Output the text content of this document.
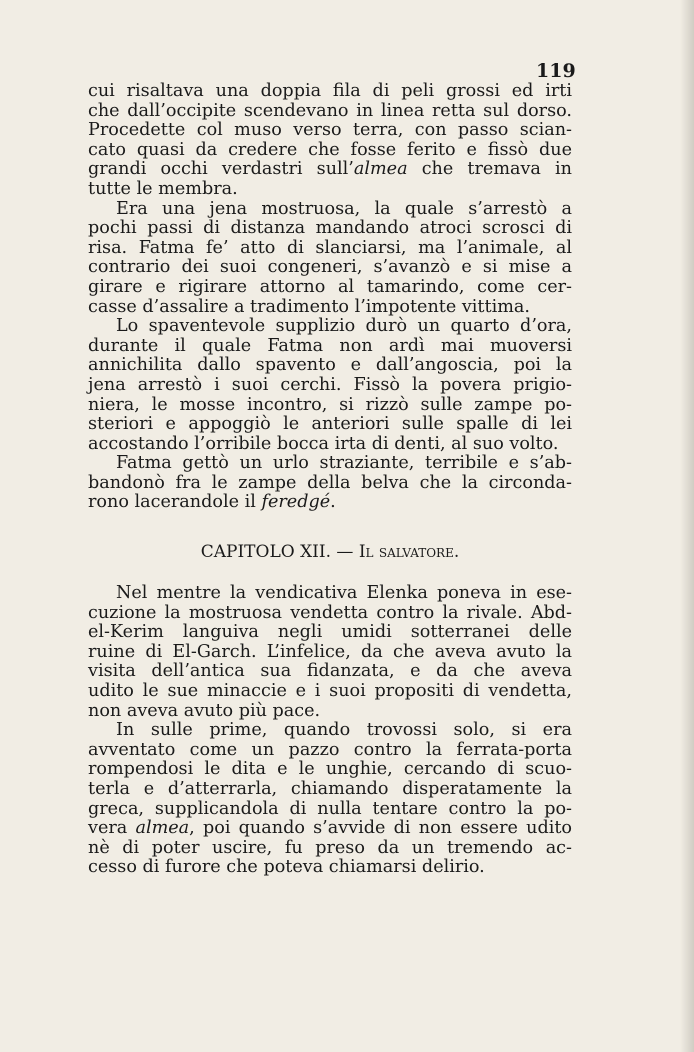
119
cui risaltava una doppia fila di peli grossi ed irti
che dall’occipite scendevano in linea retta sul dorso.
Procedette col muso verso terra, con passo scian-
cato quasi da credere che fosse ferito e fissò due
grandi occhi verdastri sull’almea che tremava in
tutte le membra.
Era una jena mostruosa, la quale s’arrestò a
pochi passi di distanza mandando atroci scrosci di
risa. Fatma fe’ atto di slanciarsi, ma l’animale, al
contrario dei suoi congeneri, s’avanzò e si mise a
girare e rigirare attorno al tamarindo, come cer-
casse d’assalire a tradimento l’impotente vittima.
Lo spaventevole supplizio durò un quarto d’ora,
durante il quale Fatma non ardì mai muoversi
annichilita dallo spavento e dall’angoscia, poi la
jena arrestò i suoi cerchi. Fissò la povera prigio-
niera, le mosse incontro, si rizzò sulle zampe po-
steriori e appoggiò le anteriori sulle spalle di lei
accostando l’orribile bocca irta di denti, al suo volto.
Fatma gettò un urlo straziante, terribile e s’ab-
bandonò fra le zampe della belva che la circonda-
rono lacerandole il feredgé.
CAPITOLO XII. — Il salvatore.
Nel mentre la vendicativa Elenka poneva in ese-
cuzione la mostruosa vendetta contro la rivale. Abd-
el-Kerim languiva negli umidi sotterranei delle
ruine di El-Garch. L’infelice, da che aveva avuto la
visita dell’antica sua fidanzata, e da che aveva
udito le sue minaccie e i suoi propositi di vendetta,
non aveva avuto più pace.
In sulle prime, quando trovossi solo, si era
avventato come un pazzo contro la ferrata-porta
rompendosi le dita e le unghie, cercando di scuo-
terla e d’atterrarla, chiamando disperatamente la
greca, supplicandola di nulla tentare contro la po-
vera almea, poi quando s’avvide di non essere udito
nè di poter uscire, fu preso da un tremendo ac-
cesso di furore che poteva chiamarsi delirio.
